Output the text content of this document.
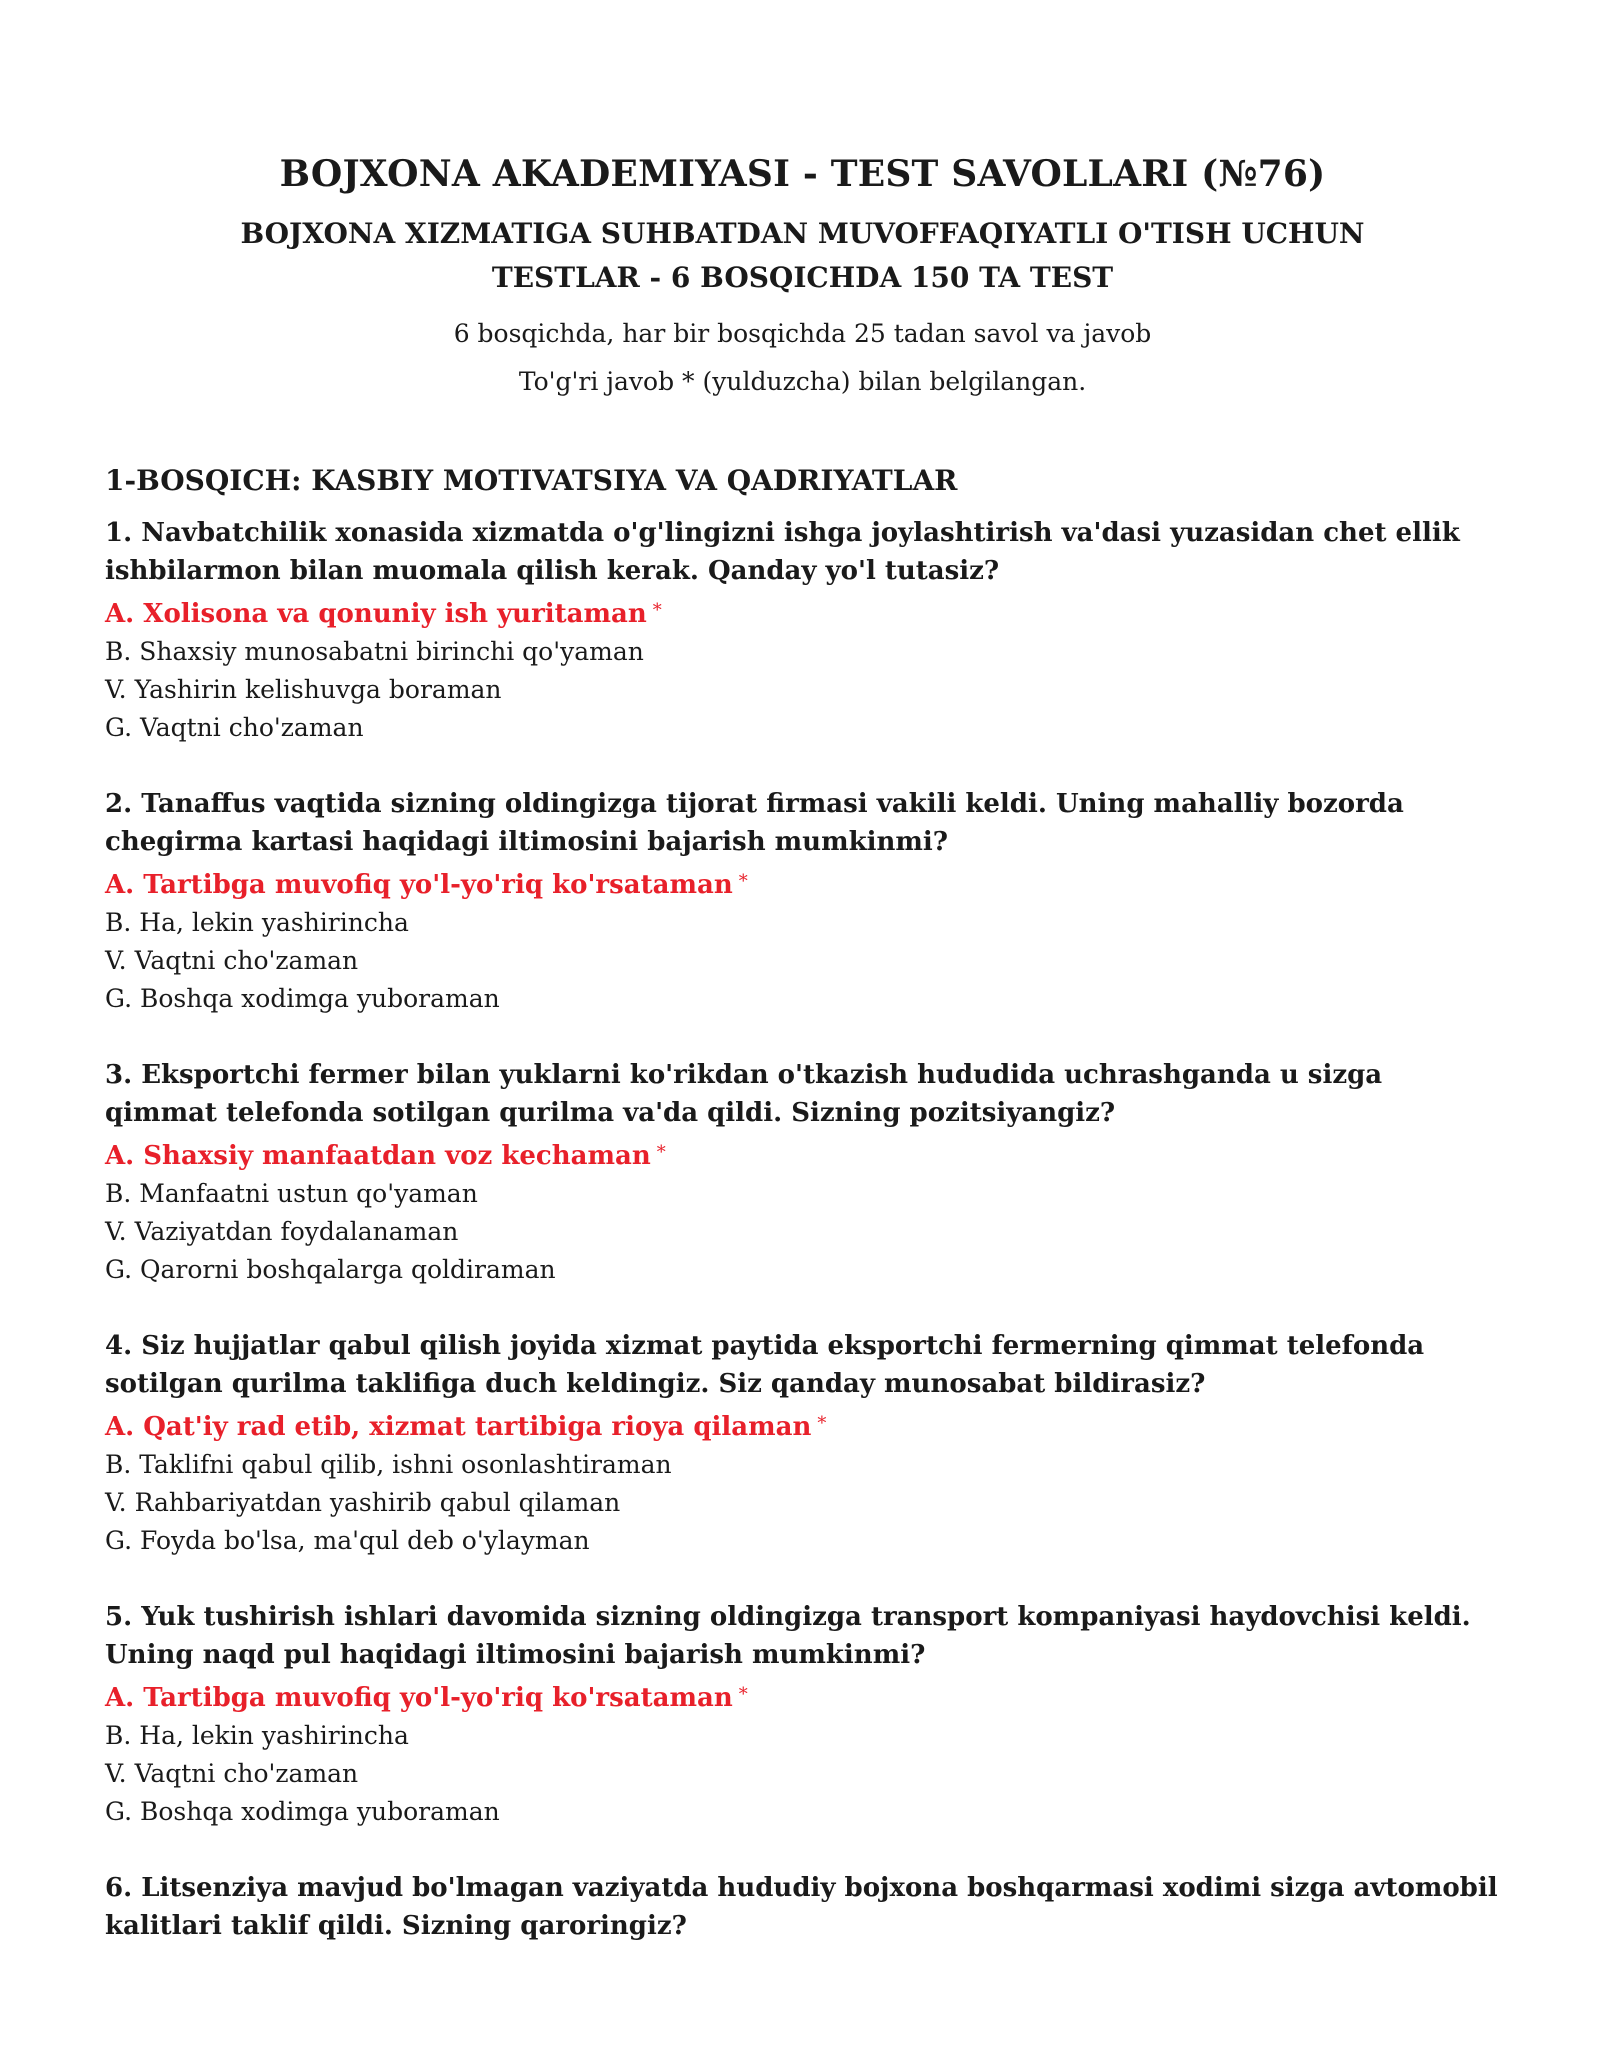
BOJXONA AKADEMIYASI - TEST SAVOLLARI (№76)
BOJXONA XIZMATIGA SUHBATDAN MUVOFFAQIYATLI O'TISH UCHUN TESTLAR - 6 BOSQICHDA 150 TA TEST

6 bosqichda, har bir bosqichda 25 tadan savol va javob

To'g'ri javob * (yulduzcha) bilan belgilangan.

1-BOSQICH: KASBIY MOTIVATSIYA VA QADRIYATLAR

1. Navbatchilik xonasida xizmatda o'g'lingizni ishga joylashtirish va'dasi yuzasidan chet ellik ishbilarmon bilan muomala qilish kerak. Qanday yo'l tutasiz?

A. Xolisona va qonuniy ish yuritaman *

B. Shaxsiy munosabatni birinchi qo'yaman

V. Yashirin kelishuvga boraman

G. Vaqtni cho'zaman

2. Tanaffus vaqtida sizning oldingizga tijorat firmasi vakili keldi. Uning mahalliy bozorda chegirma kartasi haqidagi iltimosini bajarish mumkinmi?

A. Tartibga muvofiq yo'l-yo'riq ko'rsataman *

B. Ha, lekin yashirincha

V. Vaqtni cho'zaman

G. Boshqa xodimga yuboraman

3. Eksportchi fermer bilan yuklarni ko'rikdan o'tkazish hududida uchrashganda u sizga qimmat telefonda sotilgan qurilma va'da qildi. Sizning pozitsiyangiz?

A. Shaxsiy manfaatdan voz kechaman *

B. Manfaatni ustun qo'yaman

V. Vaziyatdan foydalanaman

G. Qarorni boshqalarga qoldiraman

4. Siz hujjatlar qabul qilish joyida xizmat paytida eksportchi fermerning qimmat telefonda sotilgan qurilma taklifiga duch keldingiz. Siz qanday munosabat bildirasiz?

A. Qat'iy rad etib, xizmat tartibiga rioya qilaman *

B. Taklifni qabul qilib, ishni osonlashtiraman

V. Rahbariyatdan yashirib qabul qilaman

G. Foyda bo'lsa, ma'qul deb o'ylayman

5. Yuk tushirish ishlari davomida sizning oldingizga transport kompaniyasi haydovchisi keldi. Uning naqd pul haqidagi iltimosini bajarish mumkinmi?

A. Tartibga muvofiq yo'l-yo'riq ko'rsataman *

B. Ha, lekin yashirincha

V. Vaqtni cho'zaman

G. Boshqa xodimga yuboraman

6. Litsenziya mavjud bo'lmagan vaziyatda hududiy bojxona boshqarmasi xodimi sizga avtomobil kalitlari taklif qildi. Sizning qaroringiz?
